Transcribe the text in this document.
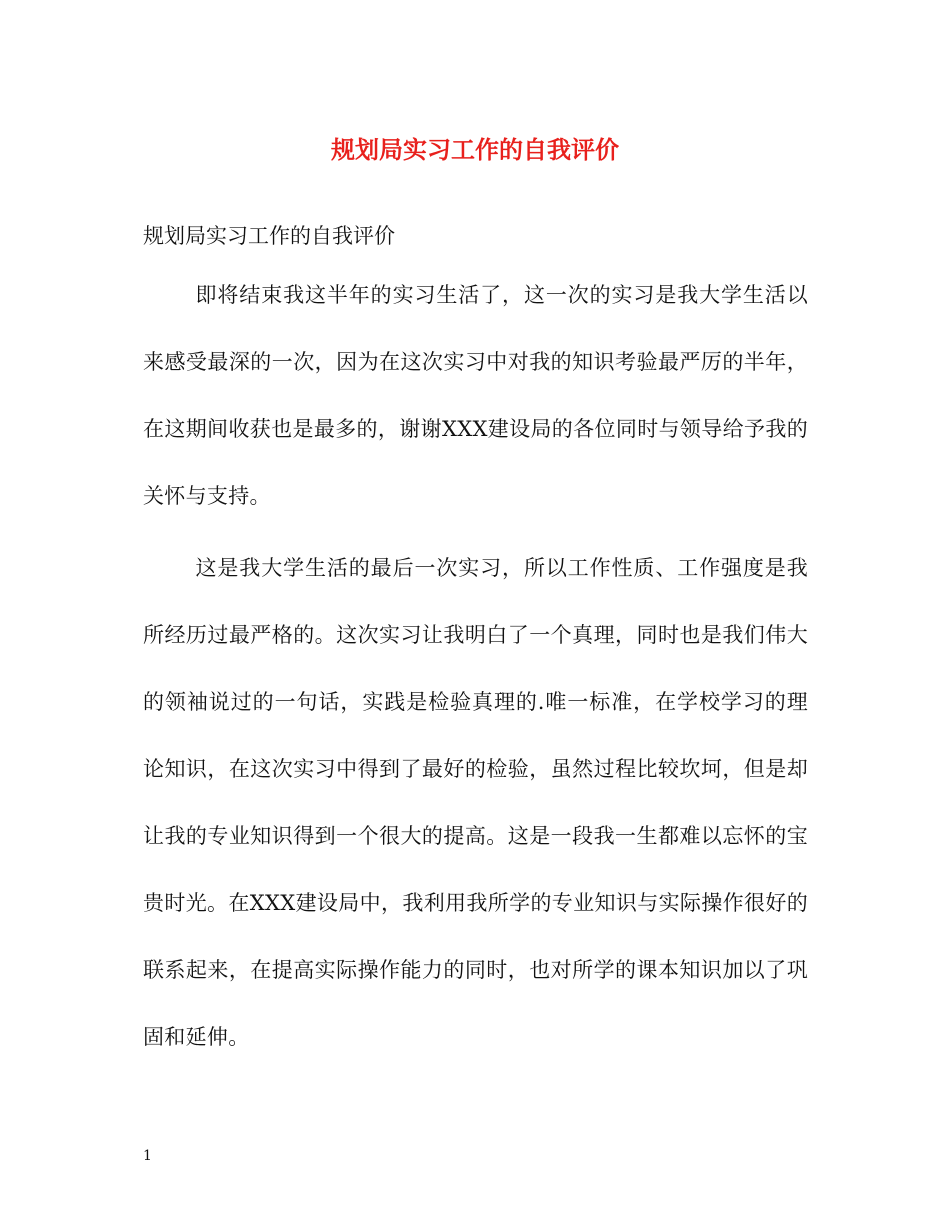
规划局实习工作的自我评价

规划局实习工作的自我评价

即将结束我这半年的实习生活了，这一次的实习是我大学生活以来感受最深的一次，因为在这次实习中对我的知识考验最严厉的半年，在这期间收获也是最多的，谢谢XXX建设局的各位同时与领导给予我的关怀与支持。

这是我大学生活的最后一次实习，所以工作性质、工作强度是我所经历过最严格的。这次实习让我明白了一个真理，同时也是我们伟大的领袖说过的一句话，实践是检验真理的.唯一标准，在学校学习的理论知识，在这次实习中得到了最好的检验，虽然过程比较坎坷，但是却让我的专业知识得到一个很大的提高。这是一段我一生都难以忘怀的宝贵时光。在XXX建设局中，我利用我所学的专业知识与实际操作很好的联系起来，在提高实际操作能力的同时，也对所学的课本知识加以了巩固和延伸。

1
